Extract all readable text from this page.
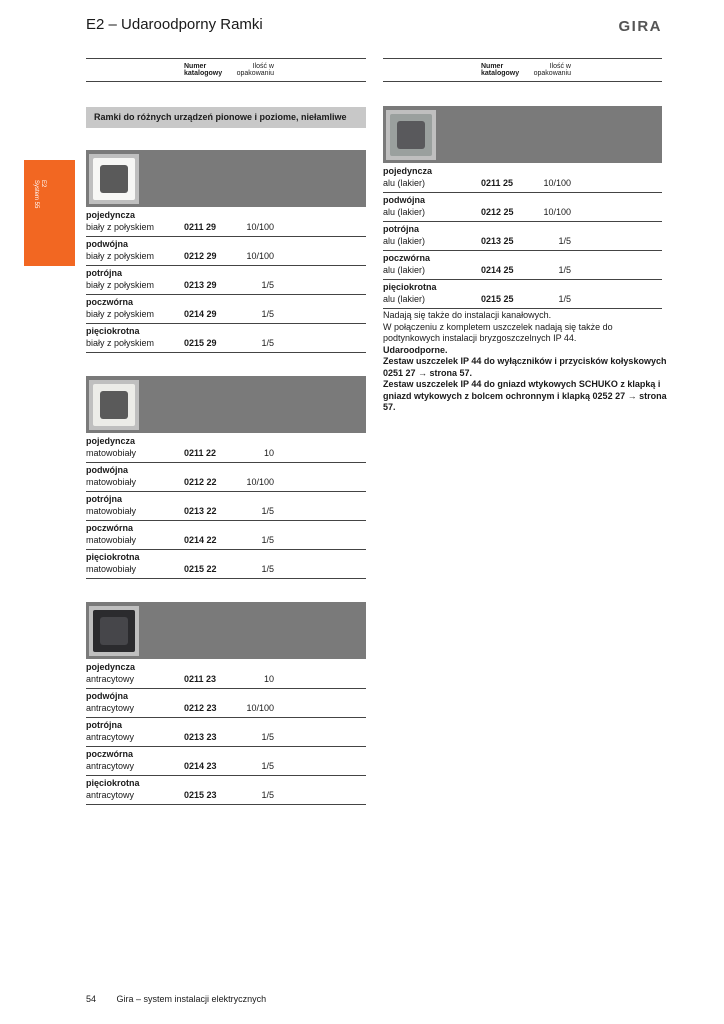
E2 – Udaroodporny Ramki	GIRA
Numer katalogowy
Ilość w opakowaniu
Numer katalogowy
Ilość w opakowaniu
Ramki do różnych urządzeń pionowe i poziome, niełamliwe
E2
System 55
pojedyncza
biały z połyskiem	0211 29	10/100
podwójna
biały z połyskiem	0212 29	10/100
potrójna
biały z połyskiem	0213 29	1/5
poczwórna
biały z połyskiem	0214 29	1/5
pięciokrotna
biały z połyskiem	0215 29	1/5
pojedyncza
matowobiały	0211 22	10
podwójna
matowobiały	0212 22	10/100
potrójna
matowobiały	0213 22	1/5
poczwórna
matowobiały	0214 22	1/5
pięciokrotna
matowobiały	0215 22	1/5
pojedyncza
antracytowy	0211 23	10
podwójna
antracytowy	0212 23	10/100
potrójna
antracytowy	0213 23	1/5
poczwórna
antracytowy	0214 23	1/5
pięciokrotna
antracytowy	0215 23	1/5
pojedyncza
alu (lakier)	0211 25	10/100
podwójna
alu (lakier)	0212 25	10/100
potrójna
alu (lakier)	0213 25	1/5
poczwórna
alu (lakier)	0214 25	1/5
pięciokrotna
alu (lakier)	0215 25	1/5

Nadają się także do instalacji kanałowych.

W połączeniu z kompletem uszczelek nadają się także do podtynkowych instalacji bryzgoszczelnych IP 44.

Udaroodporne.

Zestaw uszczelek IP 44 do wyłączników i przycisków kołyskowych 0251 27 → strona 57.

Zestaw uszczelek IP 44 do gniazd wtykowych SCHUKO z klapką i gniazd wtykowych z bolcem ochronnym i klapką 0252 27 → strona 57.

54 Gira – system instalacji elektrycznych
